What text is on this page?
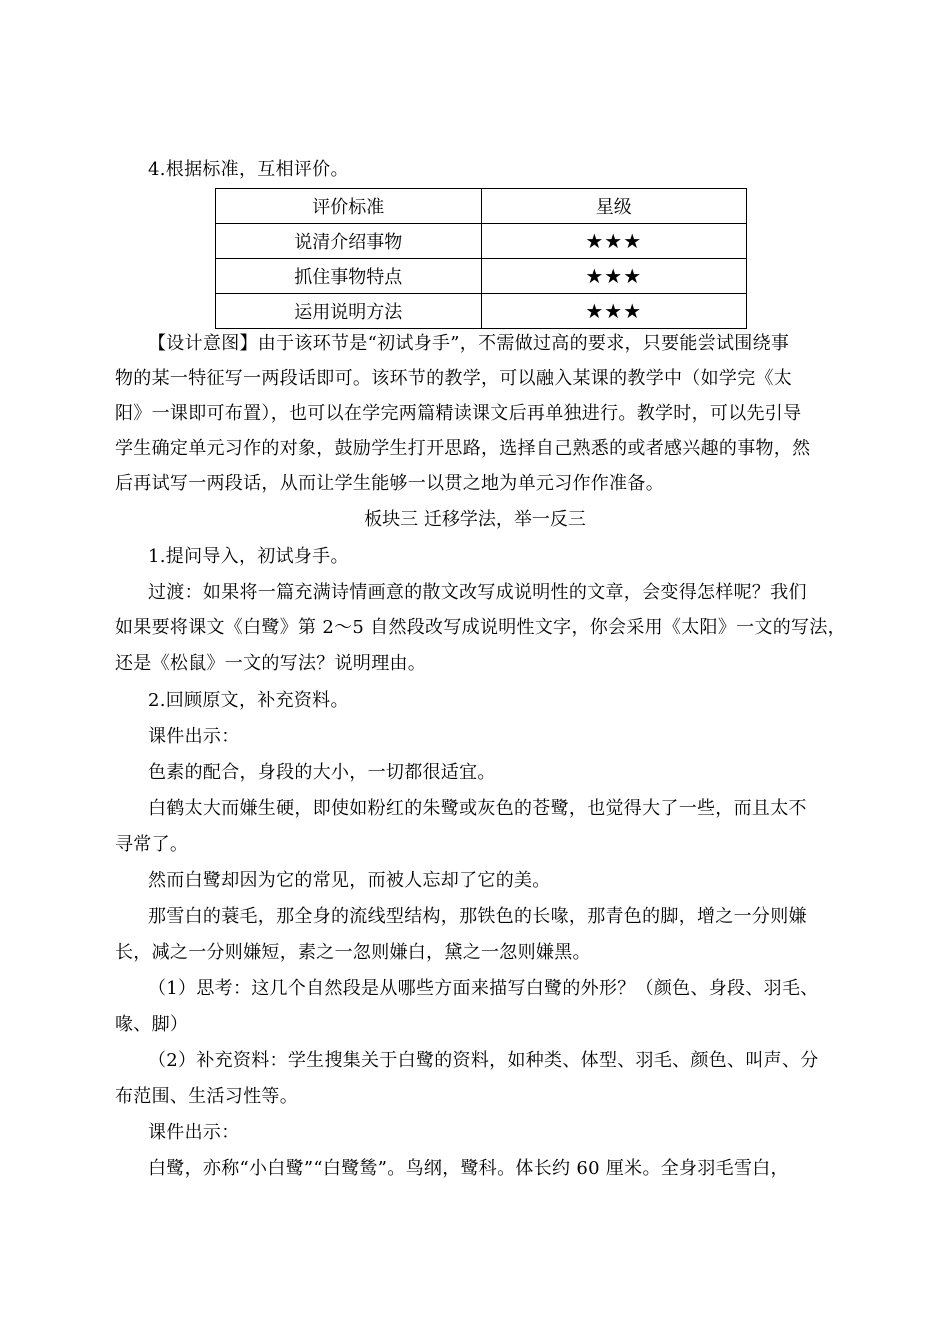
4.根据标准，互相评价。
评价标准	星级
说清介绍事物	★★★
抓住事物特点	★★★
运用说明方法	★★★
【设计意图】由于该环节是“初试身手”，不需做过高的要求，只要能尝试围绕事
物的某一特征写一两段话即可。该环节的教学，可以融入某课的教学中（如学完《太
阳》一课即可布置），也可以在学完两篇精读课文后再单独进行。教学时，可以先引导
学生确定单元习作的对象，鼓励学生打开思路，选择自己熟悉的或者感兴趣的事物，然
后再试写一两段话，从而让学生能够一以贯之地为单元习作作准备。
板块三 迁移学法，举一反三
1.提问导入，初试身手。
过渡：如果将一篇充满诗情画意的散文改写成说明性的文章，会变得怎样呢？我们
如果要将课文《白鹭》第 2～5 自然段改写成说明性文字，你会采用《太阳》一文的写法，
还是《松鼠》一文的写法？说明理由。
2.回顾原文，补充资料。
课件出示：
色素的配合，身段的大小，一切都很适宜。
白鹤太大而嫌生硬，即使如粉红的朱鹭或灰色的苍鹭，也觉得大了一些，而且太不
寻常了。
然而白鹭却因为它的常见，而被人忘却了它的美。
那雪白的蓑毛，那全身的流线型结构，那铁色的长喙，那青色的脚，增之一分则嫌
长，减之一分则嫌短，素之一忽则嫌白，黛之一忽则嫌黑。
（1）思考：这几个自然段是从哪些方面来描写白鹭的外形？（颜色、身段、羽毛、
喙、脚）
（2）补充资料：学生搜集关于白鹭的资料，如种类、体型、羽毛、颜色、叫声、分
布范围、生活习性等。
课件出示：
白鹭，亦称“小白鹭”“白鹭鸶”。鸟纲，鹭科。体长约 60 厘米。全身羽毛雪白，
